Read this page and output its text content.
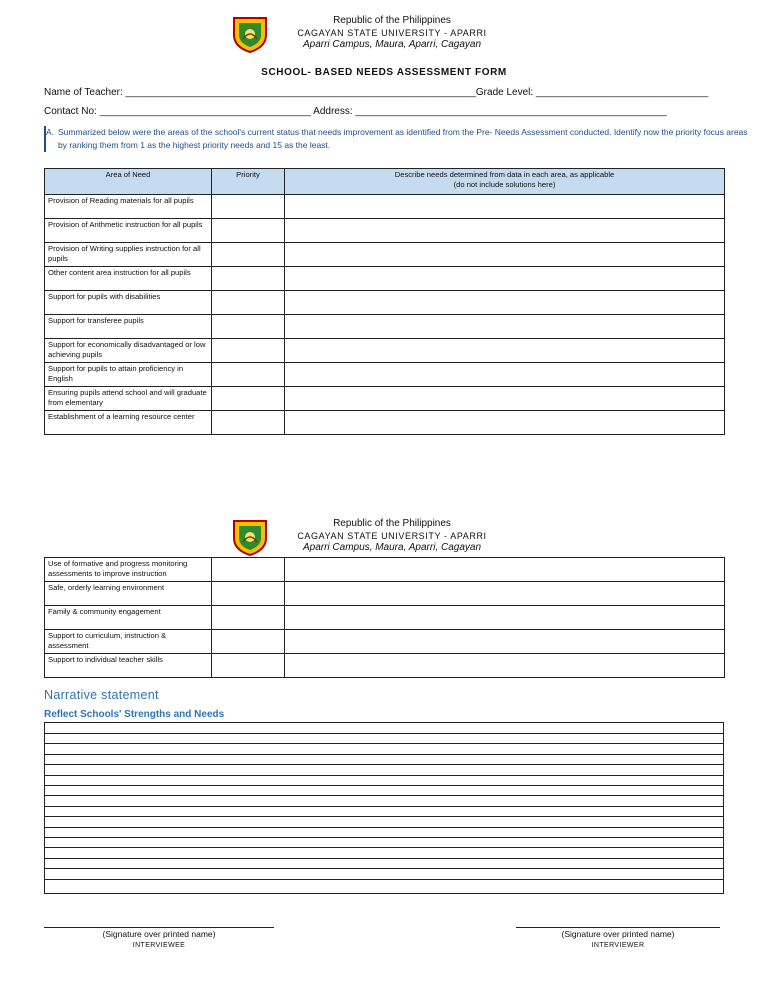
Republic of the Philippines
CAGAYAN STATE UNIVERSITY - APARRI
Aparri Campus, Maura, Aparri, Cagayan
SCHOOL- BASED NEEDS ASSESSMENT FORM
Name of Teacher: _______________________________________________________________Grade Level: _______________________________
Contact No: ______________________________________ Address: ________________________________________________________
A. Summarized below were the areas of the school's current status that needs improvement as identified from the Pre- Needs Assessment conducted. Identify now the priority focus areas by ranking them from 1 as the highest priority needs and 15 as the least.
Area of Need	Priority	Describe needs determined from data in each area, as applicable
(do not include solutions here)

Provision of Reading materials for all pupils		
Provision of Arithmetic instruction for all pupils		
Provision of Writing supplies instruction for all pupils		
Other content area instruction for all pupils		
Support for pupils with disabilities		
Support for transferee pupils		
Support for economically disadvantaged or low achieving pupils		
Support for pupils to attain proficiency in English		
Ensuring pupils attend school and will graduate from elementary		
Establishment of a learning resource center		
Republic of the Philippines
CAGAYAN STATE UNIVERSITY - APARRI
Aparri Campus, Maura, Aparri, Cagayan
Use of formative and progress monitoring assessments to improve instruction		
Safe, orderly learning environment		
Family & community engagement		
Support to curriculum, instruction & assessment		
Support to individual teacher skills		
Narrative statement
Reflect Schools' Strengths and Needs
(Signature over printed name)
INTERVIEWEE
(Signature over printed name)
INTERVIEWER
